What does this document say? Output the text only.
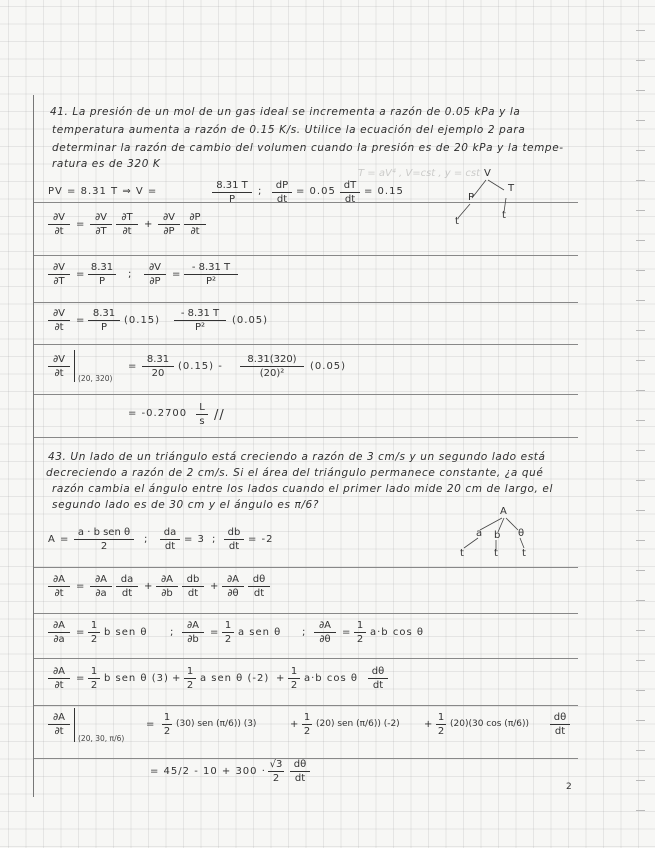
41. La presión de un mol de un gas ideal se incrementa a razón de 0.05 kPa y la
temperatura aumenta a razón de 0.15 K/s. Utilice la ecuación del ejemplo 2 para
determinar la razón de cambio del volumen cuando la presión es de 20 kPa y la tempe-
ratura es de 320 K
T = aV⁴ , V=cst , y = cst V
P
T
t
t
PV = 8.31 T ⇒ V =
8.31 T
P
;
dP
dt
= 0.05
dT
dt
= 0.15
∂V
∂t
=
∂V
∂T
∂T
∂t
+
∂V
∂P
∂P
∂t
∂V
∂T
=
8.31
P
;
∂V
∂P
=
- 8.31 T
P²
∂V
∂t
=
8.31
P
(0.15)
- 8.31 T
P²
(0.05)
∂V
∂t	(20, 320)
=
8.31
20
(0.15) -
8.31(320)
(20)²
(0.05)
= -0.2700
L
s //
43. Un lado de un triángulo está creciendo a razón de 3 cm/s y un segundo lado está
decreciendo a razón de 2 cm/s. Si el área del triángulo permanece constante, ¿a qué
razón cambia el ángulo entre los lados cuando el primer lado mide 20 cm de largo, el
segundo lado es de 30 cm y el ángulo es π/6?
A
a b θ
t	t t
A =
a · b sen θ
2
;
da
dt
= 3 ;
db
dt
= -2
∂A
∂t
=
∂A
∂a
da
dt
+
∂A
∂b
db
dt
+
∂A
∂θ
dθ
dt
∂A
∂a
=
1
2
b sen θ ;
∂A
∂b
=
1
2
a sen θ ;
∂A
∂θ
=
1
2
a·b cos θ
∂A
∂t
=
1
2
b sen θ (3) +
1
2
a sen θ (-2) +
1
2
a·b cos θ
dθ
dt
∂A
∂t
(20, 30, π/6)
=
1
2
(30) sen (π/6)) (3)	+
1
2
(20) sen (π/6)) (-2) +
1
2
(20)(30 cos (π/6))
dθ
dt
= 45/2 - 10 + 300 ·
√3
2
dθ
dt
2
